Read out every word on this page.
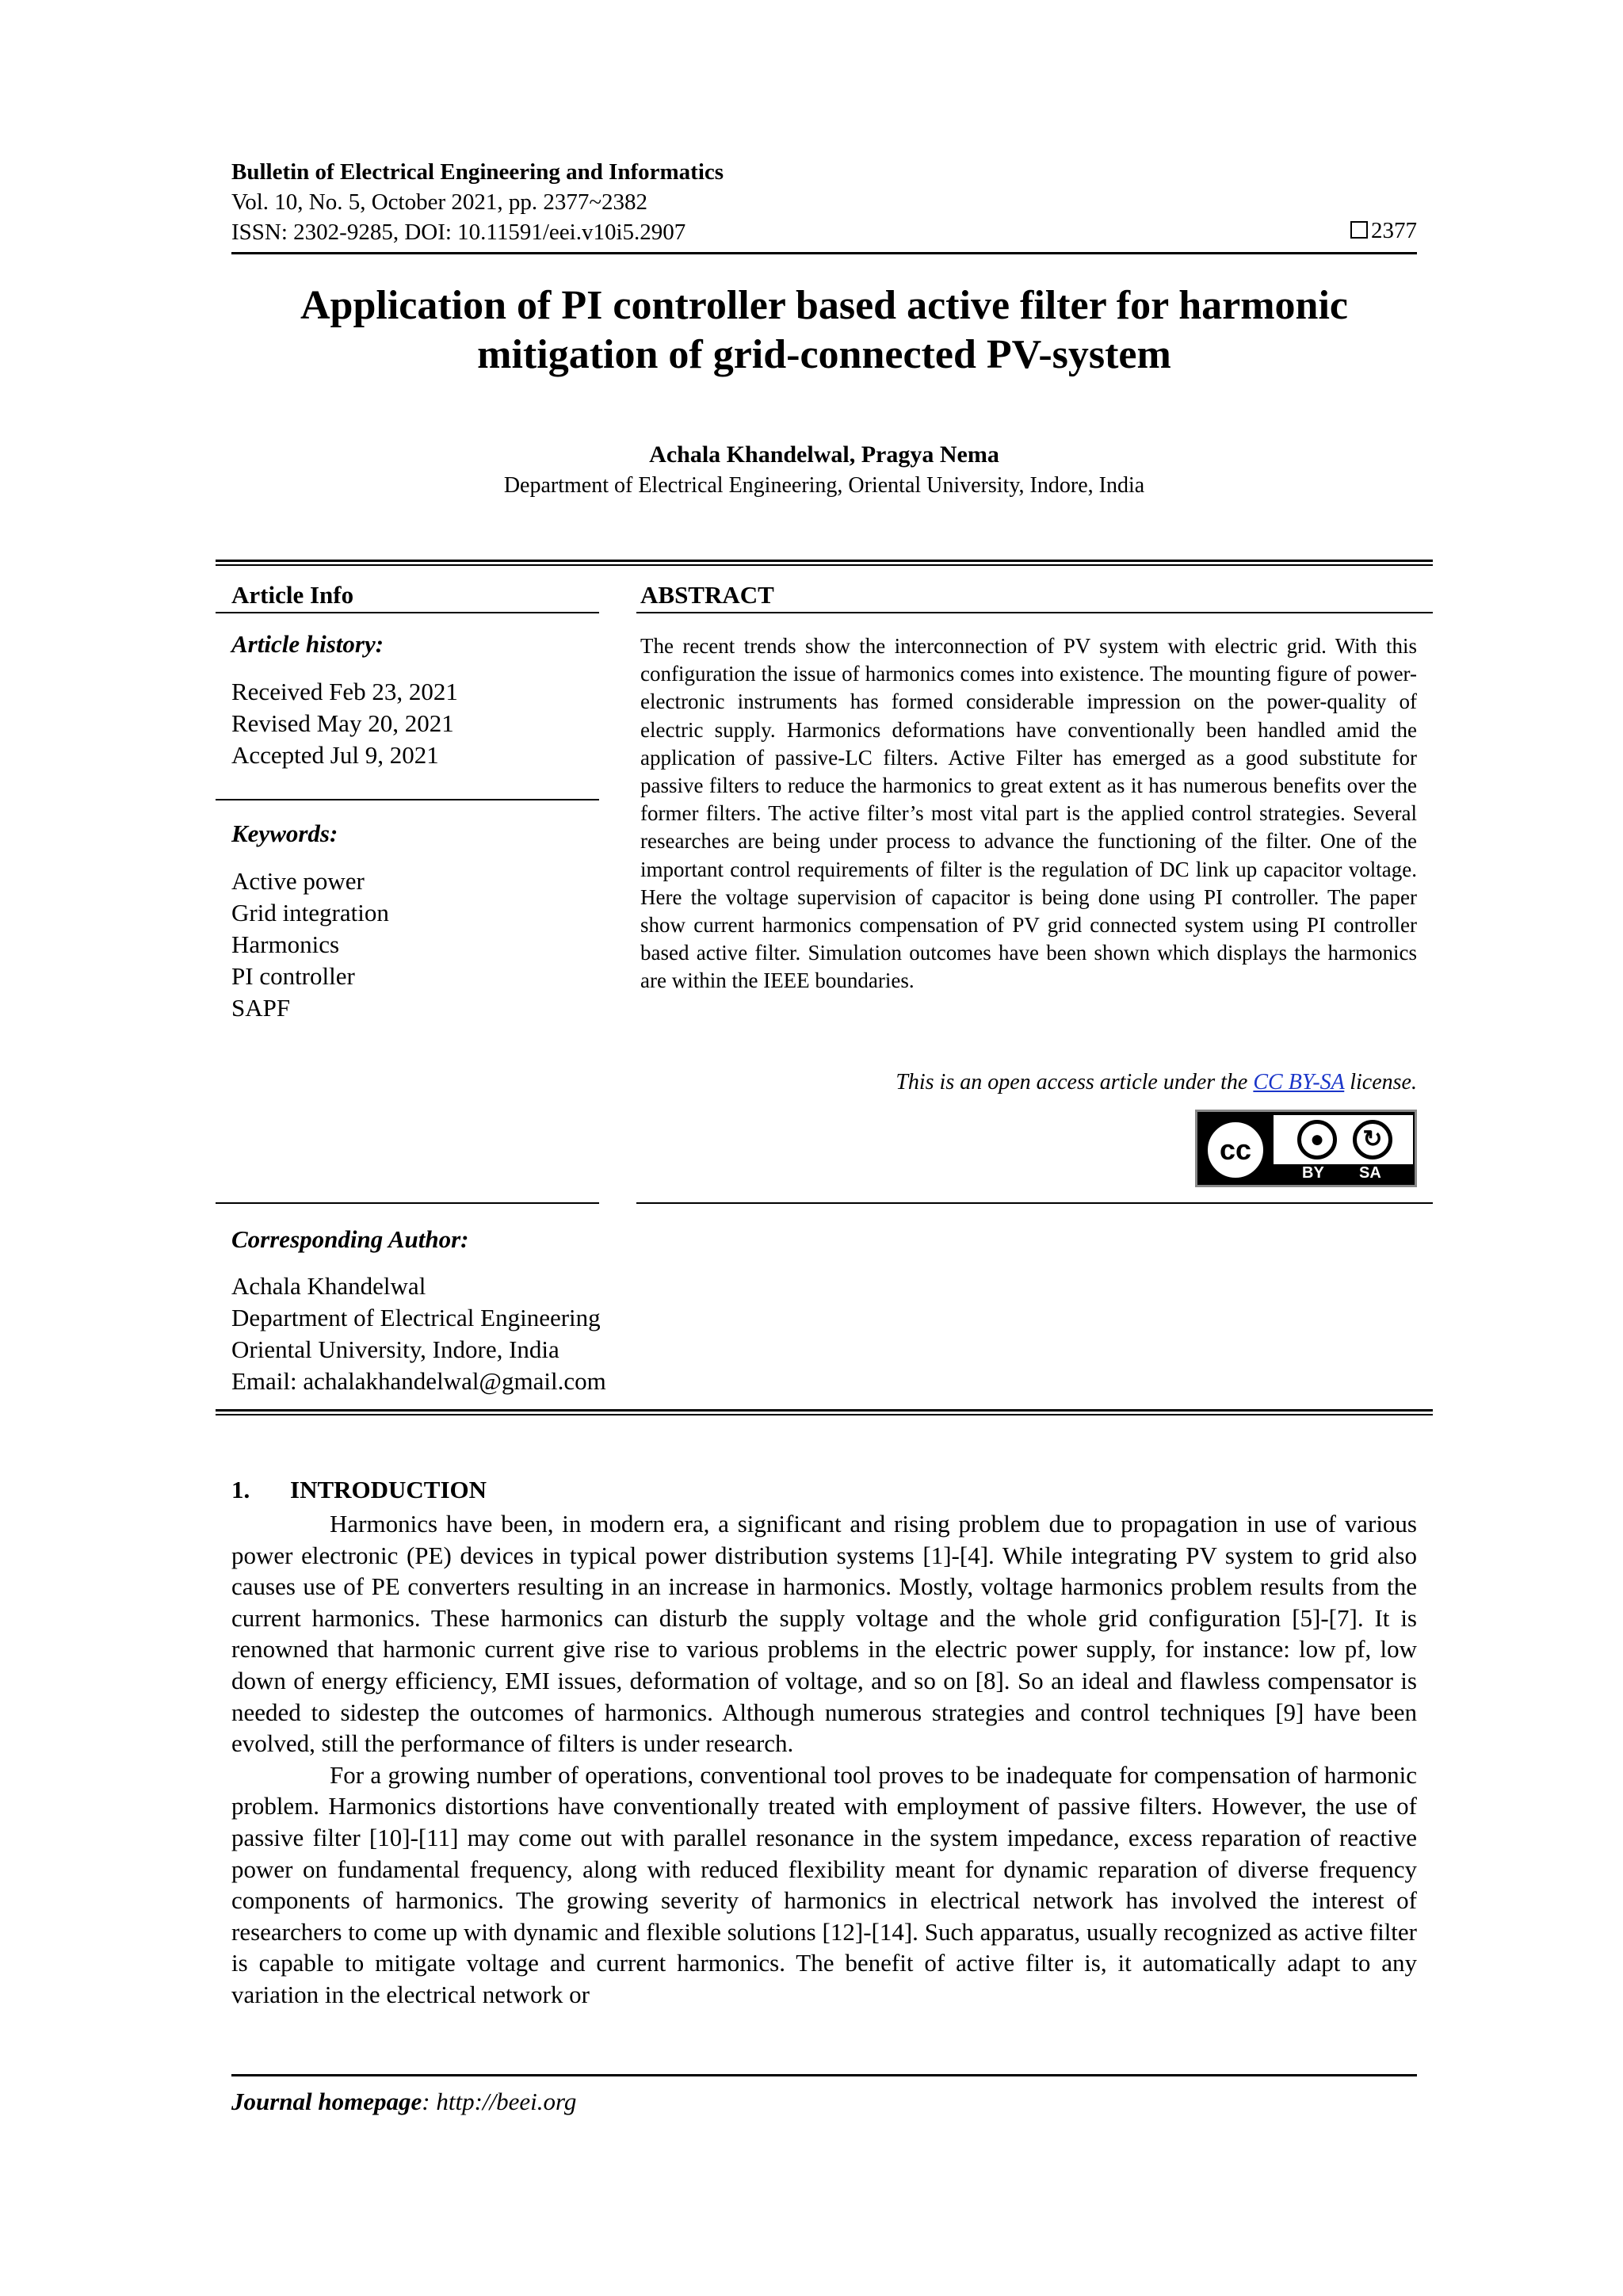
Bulletin of Electrical Engineering and Informatics
Vol. 10, No. 5, October 2021, pp. 2377~2382
ISSN: 2302-9285, DOI: 10.11591/eei.v10i5.2907	2377
Application of PI controller based active filter for harmonic
mitigation of grid-connected PV-system
Achala Khandelwal, Pragya Nema
Department of Electrical Engineering, Oriental University, Indore, India
Article Info
Article history:
Received Feb 23, 2021
Revised May 20, 2021
Accepted Jul 9, 2021
Keywords:
Active power
Grid integration
Harmonics
PI controller
SAPF
ABSTRACT
The recent trends show the interconnection of PV system with electric grid. With this configuration the issue of harmonics comes into existence. The mounting figure of power-electronic instruments has formed considerable impression on the power-quality of electric supply. Harmonics deformations have conventionally been handled amid the application of passive-LC filters. Active Filter has emerged as a good substitute for passive filters to reduce the harmonics to great extent as it has numerous benefits over the former filters. The active filter’s most vital part is the applied control strategies. Several researches are being under process to advance the functioning of the filter. One of the important control requirements of filter is the regulation of DC link up capacitor voltage. Here the voltage supervision of capacitor is being done using PI controller. The paper show current harmonics compensation of PV grid connected system using PI controller based active filter. Simulation outcomes have been shown which displays the harmonics are within the IEEE boundaries.
This is an open access article under the CC BY-SA license.
cc	●	↻
BY SA
Corresponding Author:
Achala Khandelwal
Department of Electrical Engineering
Oriental University, Indore, India
Email: achalakhandelwal@gmail.com
1. INTRODUCTION

Harmonics have been, in modern era, a significant and rising problem due to propagation in use of various power electronic (PE) devices in typical power distribution systems [1]-[4]. While integrating PV system to grid also causes use of PE converters resulting in an increase in harmonics. Mostly, voltage harmonics problem results from the current harmonics. These harmonics can disturb the supply voltage and the whole grid configuration [5]-[7]. It is renowned that harmonic current give rise to various problems in the electric power supply, for instance: low pf, low down of energy efficiency, EMI issues, deformation of voltage, and so on [8]. So an ideal and flawless compensator is needed to sidestep the outcomes of harmonics. Although numerous strategies and control techniques [9] have been evolved, still the performance of filters is under research.

For a growing number of operations, conventional tool proves to be inadequate for compensation of harmonic problem. Harmonics distortions have conventionally treated with employment of passive filters. However, the use of passive filter [10]-[11] may come out with parallel resonance in the system impedance, excess reparation of reactive power on fundamental frequency, along with reduced flexibility meant for dynamic reparation of diverse frequency components of harmonics. The growing severity of harmonics in electrical network has involved the interest of researchers to come up with dynamic and flexible solutions [12]-[14]. Such apparatus, usually recognized as active filter is capable to mitigate voltage and current harmonics. The benefit of active filter is, it automatically adapt to any variation in the electrical network or

Journal homepage: http://beei.org
